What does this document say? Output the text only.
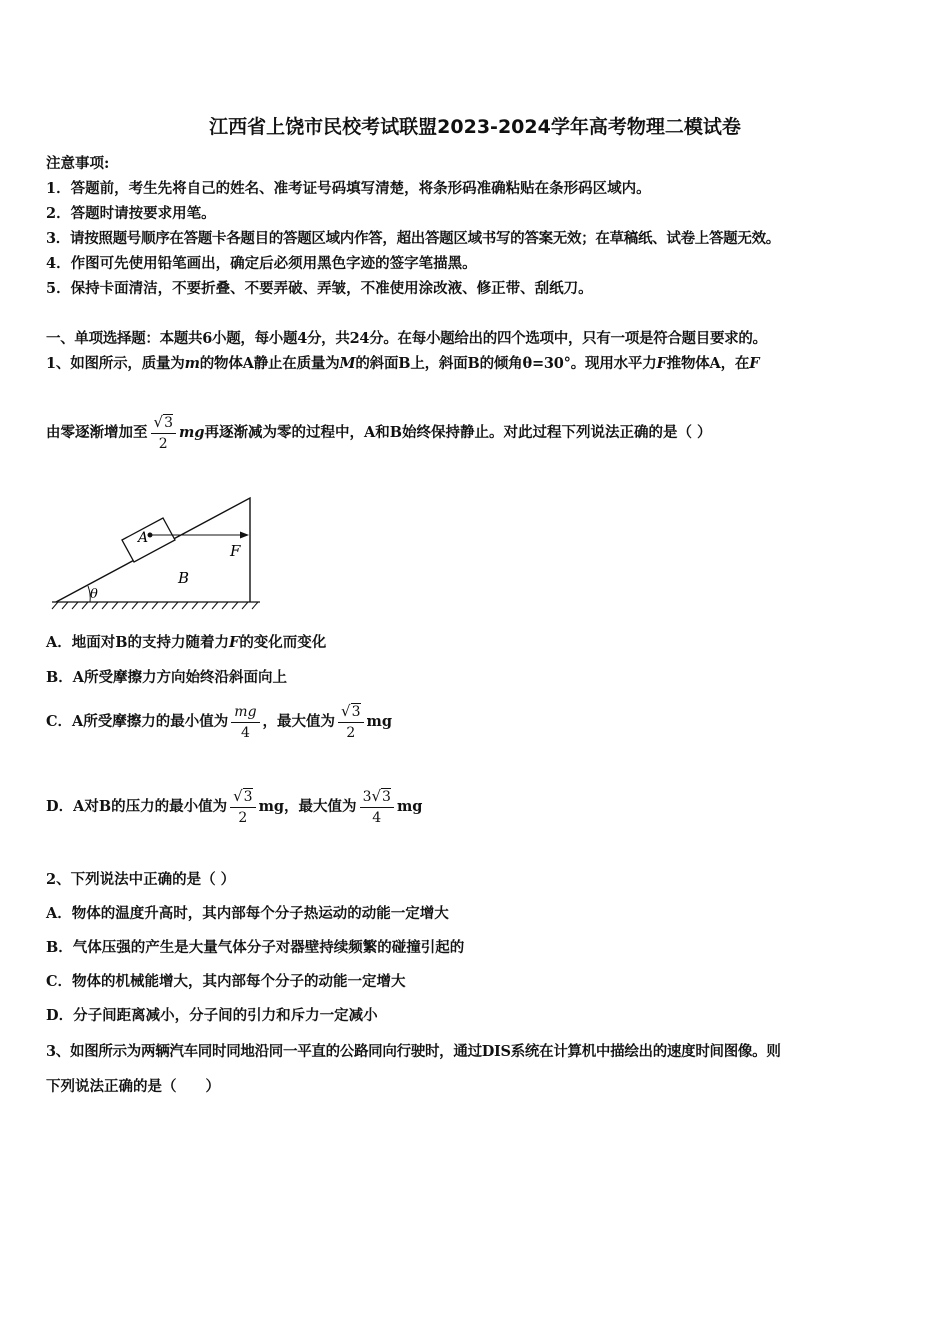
江西省上饶市民校考试联盟2023-2024学年高考物理二模试卷
注意事项:
1．答题前，考生先将自己的姓名、准考证号码填写清楚，将条形码准确粘贴在条形码区域内。
2．答题时请按要求用笔。
3．请按照题号顺序在答题卡各题目的答题区域内作答，超出答题区域书写的答案无效；在草稿纸、试卷上答题无效。
4．作图可先使用铅笔画出，确定后必须用黑色字迹的签字笔描黑。
5．保持卡面清洁，不要折叠、不要弄破、弄皱，不准使用涂改液、修正带、刮纸刀。
一、单项选择题：本题共6小题，每小题4分，共24分。在每小题给出的四个选项中，只有一项是符合题目要求的。
1、如图所示，质量为m的物体A静止在质量为M的斜面B上，斜面B的倾角θ=30°。现用水平力F推物体A，在F
由零逐渐增加至 $\frac{√3}{2}$ mg再逐渐减为零的过程中，A和B始终保持静止。对此过程下列说法正确的是（ ）
A
B
F
θ
A．地面对B的支持力随着力F的变化而变化
B．A所受摩擦力方向始终沿斜面向上
C．A所受摩擦力的最小值为 $\frac{mg}{4}$ ，最大值为 $\frac{√3}{2}$ mg
D．A对B的压力的最小值为 $\frac{√3}{2}$ mg，最大值为 $\frac{3√3}{4}$ mg
2、下列说法中正确的是（ ）
A．物体的温度升高时，其内部每个分子热运动的动能一定增大
B．气体压强的产生是大量气体分子对器壁持续频繁的碰撞引起的
C．物体的机械能增大，其内部每个分子的动能一定增大
D．分子间距离减小，分子间的引力和斥力一定减小
3、如图所示为两辆汽车同时同地沿同一平直的公路同向行驶时，通过DIS系统在计算机中描绘出的速度时间图像。则
下列说法正确的是（　　）
